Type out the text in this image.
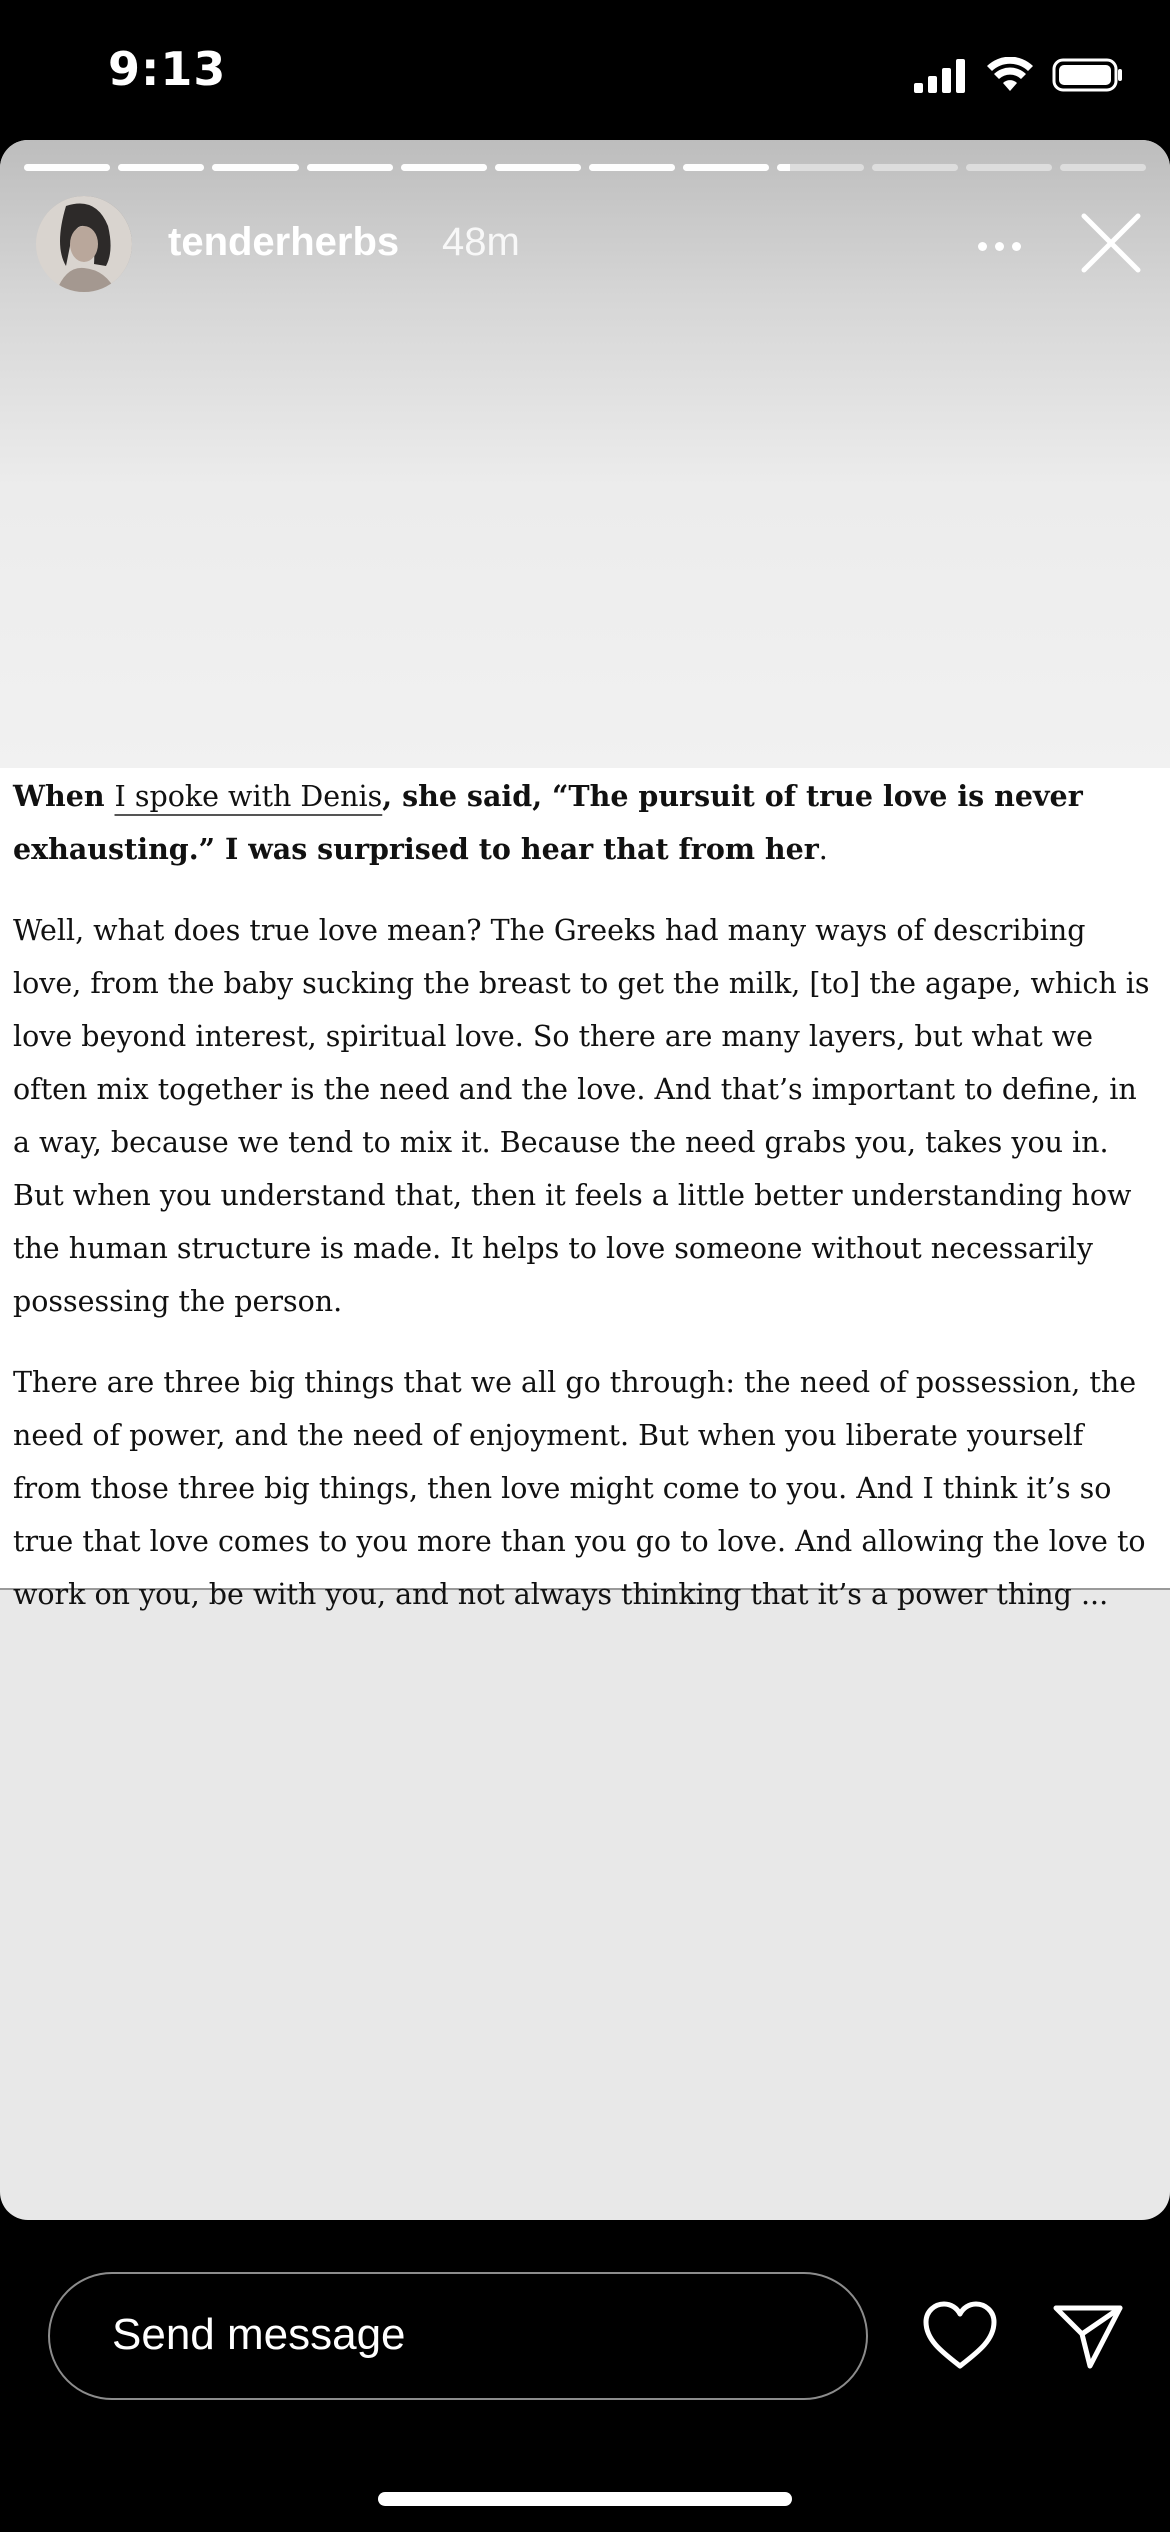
9:13
tenderherbs 48m

When I spoke with Denis, she said, “The pursuit of true love is never exhausting.” I was surprised to hear that from her.

Well, what does true love mean? The Greeks had many ways of describing love, from the baby sucking the breast to get the milk, [to] the agape, which is love beyond interest, spiritual love. So there are many layers, but what we often mix together is the need and the love. And that’s important to define, in a way, because we tend to mix it. Because the need grabs you, takes you in. But when you understand that, then it feels a little better understanding how the human structure is made. It helps to love someone without necessarily possessing the person.

There are three big things that we all go through: the need of possession, the need of power, and the need of enjoyment. But when you liberate yourself from those three big things, then love might come to you. And I think it’s so true that love comes to you more than you go to love. And allowing the love to work on you, be with you, and not always thinking that it’s a power thing ...

Send message
